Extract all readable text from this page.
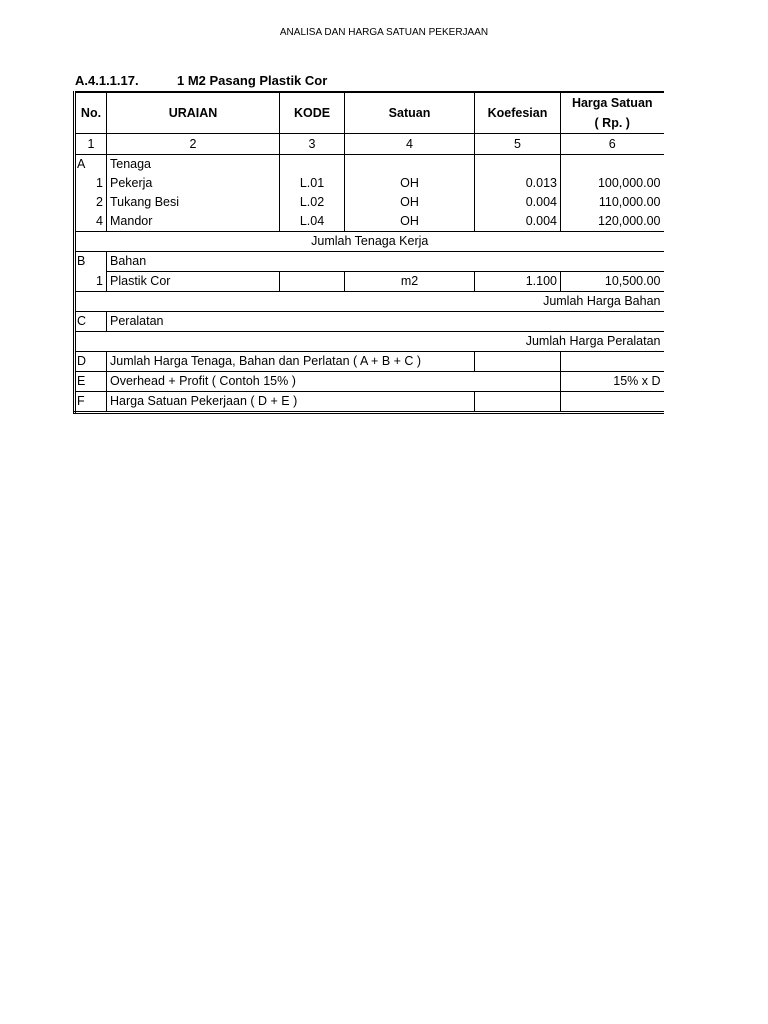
ANALISA DAN HARGA SATUAN PEKERJAAN
A.4.1.1.17.	1 M2 Pasang Plastik Cor
No.	URAIAN	KODE	Satuan	Koefesian	Harga Satuan
( Rp. )

1	2	3	4	5	6
A	Tenaga				
1	Pekerja	L.01	OH	0.013	100,000.00
2	Tukang Besi	L.02	OH	0.004	110,000.00
4	Mandor	L.04	OH	0.004	120,000.00
Jumlah Tenaga Kerja					
B	Bahan				
1	Plastik Cor		m2	1.100	10,500.00
Jumlah Harga Bahan					
C	Peralatan				
Jumlah Harga Peralatan					
D	Jumlah Harga Tenaga, Bahan dan Perlatan ( A + B + C )				
E	Overhead + Profit ( Contoh 15% )				15% x D
F	Harga Satuan Pekerjaan ( D + E )				
